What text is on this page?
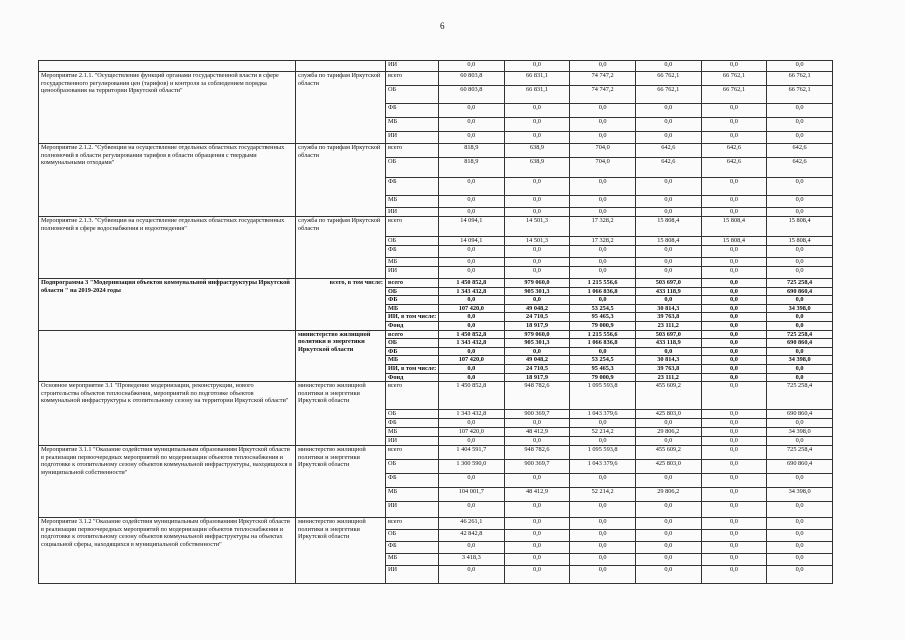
6
		ИИ	0,0	0,0	0,0	0,0	0,0	0,0
Мероприятие 2.1.1. "Осуществление функций органами государственной власти в сфере государственного регулирования цен (тарифов) и контроля за соблюдением порядка ценообразования на территории Иркутской области"	служба по тарифам Иркутской области	всего	60 803,8	66 831,1	74 747,2	66 762,1	66 762,1	66 762,1
		ОБ	60 803,8	66 831,1	74 747,2	66 762,1	66 762,1	66 762,1
		ФБ	0,0	0,0	0,0	0,0	0,0	0,0
		МБ	0,0	0,0	0,0	0,0	0,0	0,0
		ИИ	0,0	0,0	0,0	0,0	0,0	0,0
Мероприятие 2.1.2. "Субвенции на осуществление отдельных областных государственных полномочий в области регулирования тарифов в области обращения с твердыми коммунальными отходами"	служба по тарифам Иркутской области	всего	818,9	638,9	704,0	642,6	642,6	642,6
		ОБ	818,9	638,9	704,0	642,6	642,6	642,6
		ФБ	0,0	0,0	0,0	0,0	0,0	0,0
		МБ	0,0	0,0	0,0	0,0	0,0	0,0
		ИИ	0,0	0,0	0,0	0,0	0,0	0,0
Мероприятие 2.1.3. "Субвенции на осуществление отдельных областных государственных полномочий в сфере водоснабжения и водоотведения"	служба по тарифам Иркутской области	всего	14 094,1	14 501,3	17 328,2	15 808,4	15 808,4	15 808,4
		ОБ	14 094,1	14 501,3	17 328,2	15 808,4	15 808,4	15 808,4
		ФБ	0,0	0,0	0,0	0,0	0,0	0,0
		МБ	0,0	0,0	0,0	0,0	0,0	0,0
		ИИ	0,0	0,0	0,0	0,0	0,0	0,0
Подпрограмма 3 "Модернизация объектов коммунальной инфраструктуры Иркутской области " на 2019-2024 годы	всего, в том числе:	всего	1 450 852,8	979 060,0	1 215 556,6	503 697,0	0,0	725 258,4
		ОБ	1 343 432,8	905 301,3	1 066 836,8	433 118,9	0,0	690 860,4
		ФБ	0,0	0,0	0,0	0,0	0,0	0,0
		МБ	107 420,0	49 048,2	53 254,5	30 814,3	0,0	34 398,0
		ИИ, в том числе:	0,0	24 710,5	95 465,3	39 763,8	0,0	0,0
		Фонд	0,0	18 917,9	79 000,9	23 111,2	0,0	0,0
	министерство жилищной политики и энергетики Иркутской области	всего	1 450 852,8	979 060,0	1 215 556,6	503 697,0	0,0	725 258,4
		ОБ	1 343 432,8	905 301,3	1 066 836,8	433 118,9	0,0	690 860,4
		ФБ	0,0	0,0	0,0	0,0	0,0	0,0
		МБ	107 420,0	49 048,2	53 254,5	30 814,3	0,0	34 398,0
		ИИ, в том числе:	0,0	24 710,5	95 465,3	39 763,8	0,0	0,0
		Фонд	0,0	18 917,9	79 000,9	23 111,2	0,0	0,0
Основное мероприятие 3.1 "Проведение модернизации, реконструкции, нового строительства объектов теплоснабжения, мероприятий по подготовке объектов коммунальной инфраструктуры к отопительному сезону на территории Иркутской области"	министерство жилищной политики и энергетики Иркутской области	всего	1 450 852,8	948 782,6	1 095 593,8	455 609,2	0,0	725 258,4
		ОБ	1 343 432,8	900 369,7	1 043 379,6	425 803,0	0,0	690 860,4
		ФБ	0,0	0,0	0,0	0,0	0,0	0,0
		МБ	107 420,0	48 412,9	52 214,2	29 806,2	0,0	34 398,0
		ИИ	0,0	0,0	0,0	0,0	0,0	0,0
Мероприятие 3.1.1 "Оказание содействия муниципальным образованиям Иркутской области в реализации первоочередных мероприятий по модернизации объектов теплоснабжения и подготовке к отопительному сезону объектов коммунальной инфраструктуры, находящихся в муниципальной собственности"	министерство жилищной политики и энергетики Иркутской области	всего	1 404 591,7	948 782,6	1 095 593,8	455 609,2	0,0	725 258,4
		ОБ	1 300 590,0	900 369,7	1 043 379,6	425 803,0	0,0	690 860,4
		ФБ	0,0	0,0	0,0	0,0	0,0	0,0
		МБ	104 001,7	48 412,9	52 214,2	29 806,2	0,0	34 398,0
		ИИ	0,0	0,0	0,0	0,0	0,0	0,0
Мероприятие 3.1.2 "Оказание содействия муниципальным образованиям Иркутской области в реализации первоочередных мероприятий по модернизации объектов теплоснабжения и подготовке к отопительному сезону объектов коммунальной инфраструктуры на объектах социальной сферы, находящихся в муниципальной собственности"	министерство жилищной политики и энергетики Иркутской области	всего	46 261,1	0,0	0,0	0,0	0,0	0,0
		ОБ	42 842,8	0,0	0,0	0,0	0,0	0,0
		ФБ	0,0	0,0	0,0	0,0	0,0	0,0
		МБ	3 418,3	0,0	0,0	0,0	0,0	0,0
		ИИ	0,0	0,0	0,0	0,0	0,0	0,0
